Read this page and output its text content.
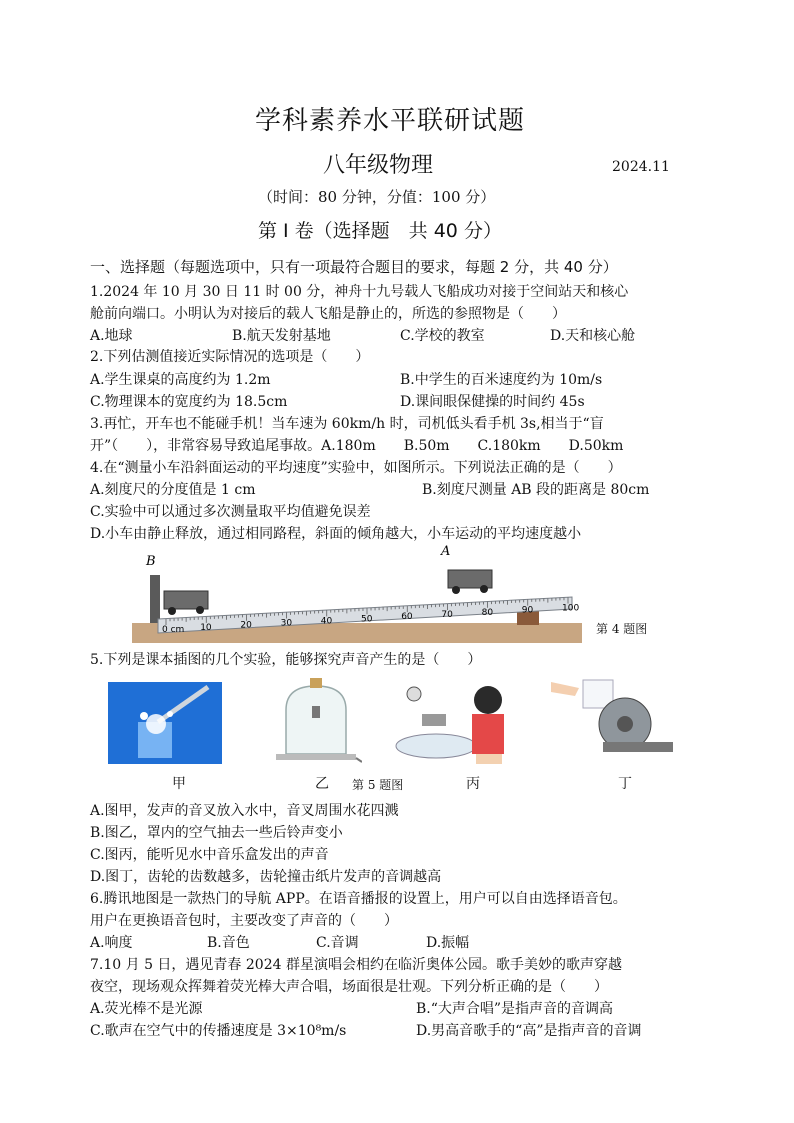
学科素养水平联研试题
八年级物理	2024.11
（时间：80 分钟，分值：100 分）
第 I 卷（选择题　共 40 分）
一、选择题（每题选项中，只有一项最符合题目的要求，每题 2 分，共 40 分）
1.2024 年 10 月 30 日 11 时 00 分，神舟十九号载人飞船成功对接于空间站天和核心
舱前向端口。小明认为对接后的载人飞船是静止的，所选的参照物是（　　）
A.地球	B.航天发射基地	C.学校的教室	D.天和核心舱
2.下列估测值接近实际情况的选项是（　　）
A.学生课桌的高度约为 1.2m	B.中学生的百米速度约为 10m/s
C.物理课本的宽度约为 18.5cm	D.课间眼保健操的时间约 45s
3.再忙，开车也不能碰手机！当车速为 60km/h 时，司机低头看手机 3s,相当于“盲
开”（　　），非常容易导致追尾事故。A.180m　　B.50m　　C.180km　　D.50km
4.在“测量小车沿斜面运动的平均速度”实验中，如图所示。下列说法正确的是（　　）
A.刻度尺的分度值是 1 cm	B.刻度尺测量 AB 段的距离是 80cm
C.实验中可以通过多次测量取平均值避免误差
D.小车由静止释放，通过相同路程，斜面的倾角越大，小车运动的平均速度越小
0 cm 10	20	30	40	50	60	70	80	90	100
B
A
第 4 题图
5.下列是课本插图的几个实验，能够探究声音产生的是（　　）
甲	乙 第 5 题图	丙	丁
A.图甲，发声的音叉放入水中，音叉周围水花四溅
B.图乙，罩内的空气抽去一些后铃声变小
C.图丙，能听见水中音乐盒发出的声音
D.图丁，齿轮的齿数越多，齿轮撞击纸片发声的音调越高
6.腾讯地图是一款热门的导航 APP。在语音播报的设置上，用户可以自由选择语音包。
用户在更换语音包时，主要改变了声音的（　　）
A.响度	B.音色	C.音调	D.振幅
7.10 月 5 日，遇见青春 2024 群星演唱会相约在临沂奥体公园。歌手美妙的歌声穿越
夜空，现场观众挥舞着荧光棒大声合唱，场面很是壮观。下列分析正确的是（　　）
A.荧光棒不是光源	B.“大声合唱”是指声音的音调高
C.歌声在空气中的传播速度是 3×10⁸m/s	D.男高音歌手的“高”是指声音的音调
